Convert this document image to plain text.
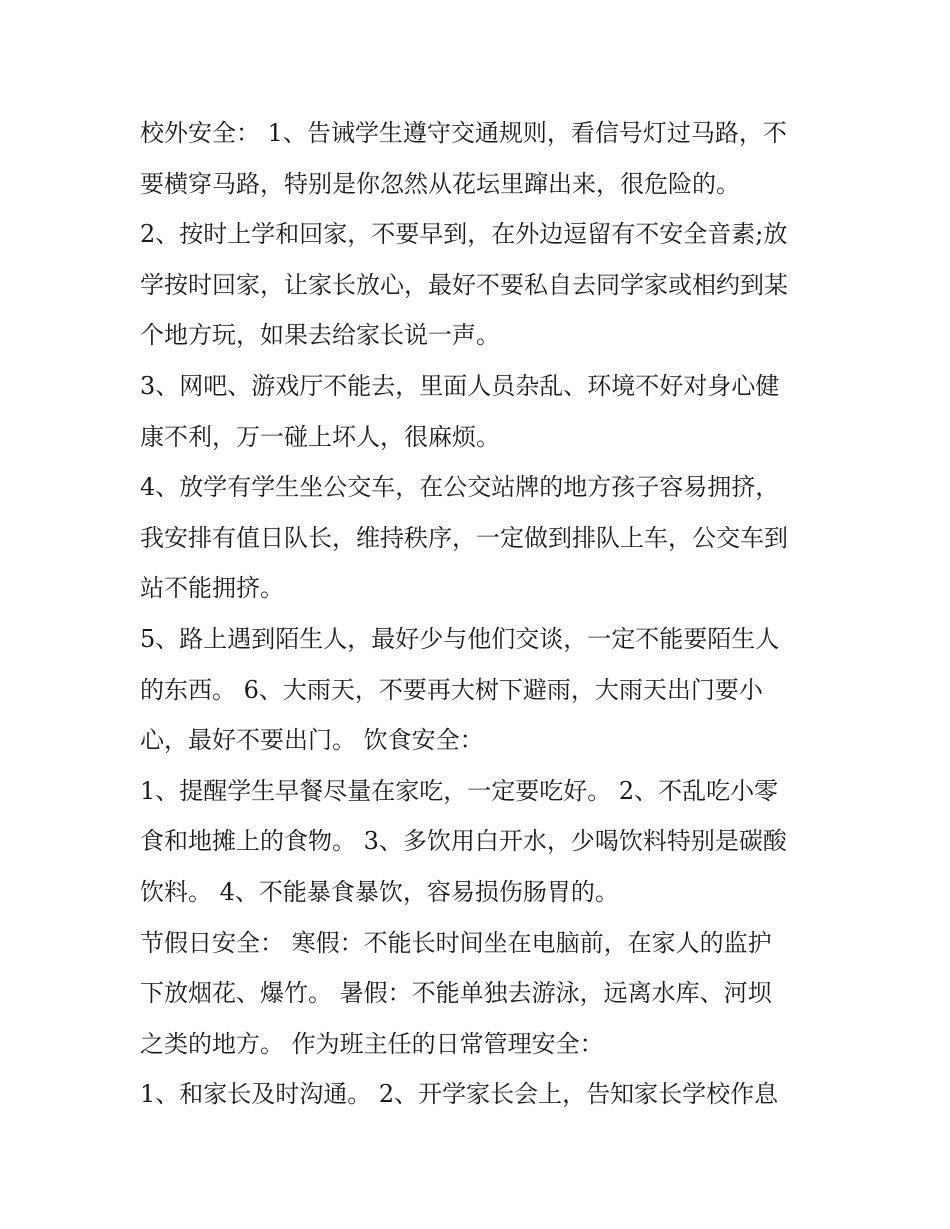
校外安全： 1、告诫学生遵守交通规则，看信号灯过马路，不
要横穿马路，特别是你忽然从花坛里蹿出来，很危险的。
2、按时上学和回家，不要早到，在外边逗留有不安全音素;放
学按时回家，让家长放心，最好不要私自去同学家或相约到某
个地方玩，如果去给家长说一声。
3、网吧、游戏厅不能去，里面人员杂乱、环境不好对身心健
康不利，万一碰上坏人，很麻烦。
4、放学有学生坐公交车，在公交站牌的地方孩子容易拥挤，
我安排有值日队长，维持秩序，一定做到排队上车，公交车到
站不能拥挤。
5、路上遇到陌生人，最好少与他们交谈，一定不能要陌生人
的东西。 6、大雨天，不要再大树下避雨，大雨天出门要小
心，最好不要出门。 饮食安全：
1、提醒学生早餐尽量在家吃，一定要吃好。 2、不乱吃小零
食和地摊上的食物。 3、多饮用白开水，少喝饮料特别是碳酸
饮料。 4、不能暴食暴饮，容易损伤肠胃的。
节假日安全： 寒假：不能长时间坐在电脑前，在家人的监护
下放烟花、爆竹。 暑假：不能单独去游泳，远离水库、河坝
之类的地方。 作为班主任的日常管理安全：
1、和家长及时沟通。 2、开学家长会上，告知家长学校作息
